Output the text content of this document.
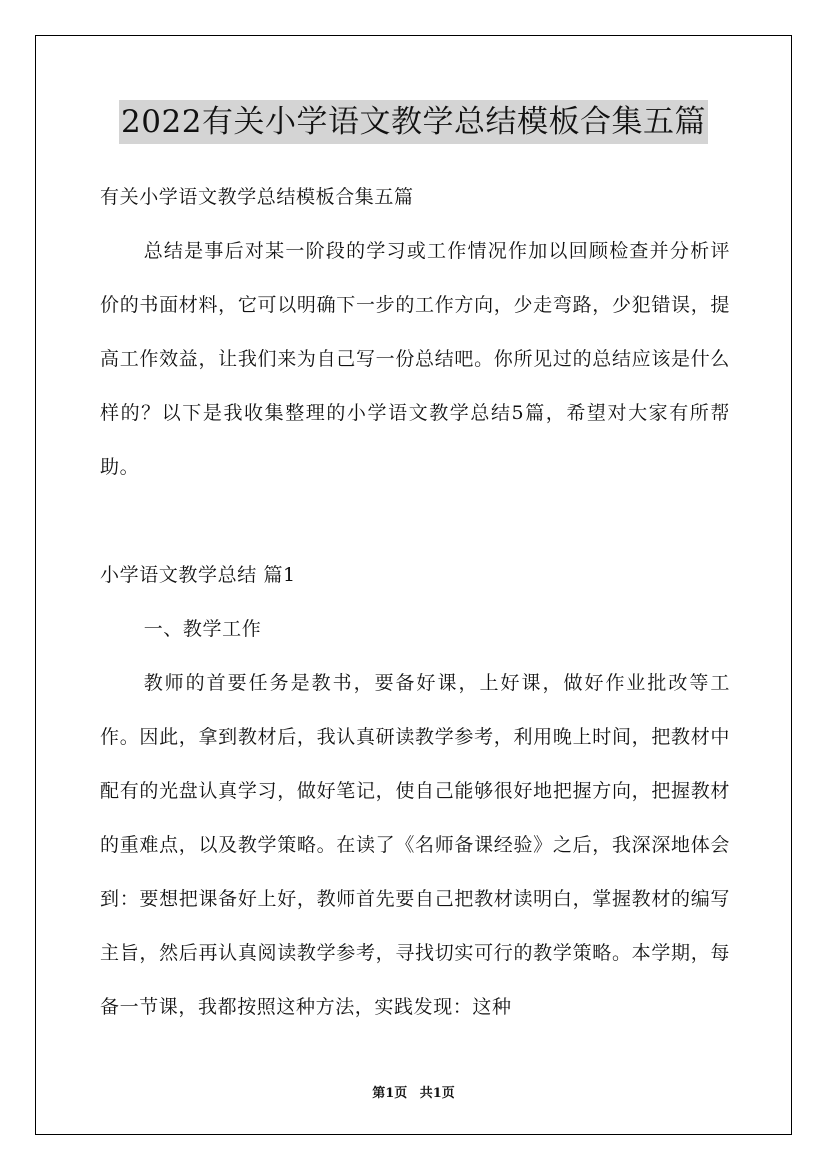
2022有关小学语文教学总结模板合集五篇

有关小学语文教学总结模板合集五篇

总结是事后对某一阶段的学习或工作情况作加以回顾检查并分析评价的书面材料，它可以明确下一步的工作方向，少走弯路，少犯错误，提高工作效益，让我们来为自己写一份总结吧。你所见过的总结应该是什么样的？以下是我收集整理的小学语文教学总结5篇，希望对大家有所帮助。

小学语文教学总结 篇1

一、教学工作

教师的首要任务是教书，要备好课，上好课，做好作业批改等工作。因此，拿到教材后，我认真研读教学参考，利用晚上时间，把教材中配有的光盘认真学习，做好笔记，使自己能够很好地把握方向，把握教材的重难点，以及教学策略。在读了《名师备课经验》之后，我深深地体会到：要想把课备好上好，教师首先要自己把教材读明白，掌握教材的编写主旨，然后再认真阅读教学参考，寻找切实可行的教学策略。本学期，每备一节课，我都按照这种方法，实践发现：这种

第1页 共1页
